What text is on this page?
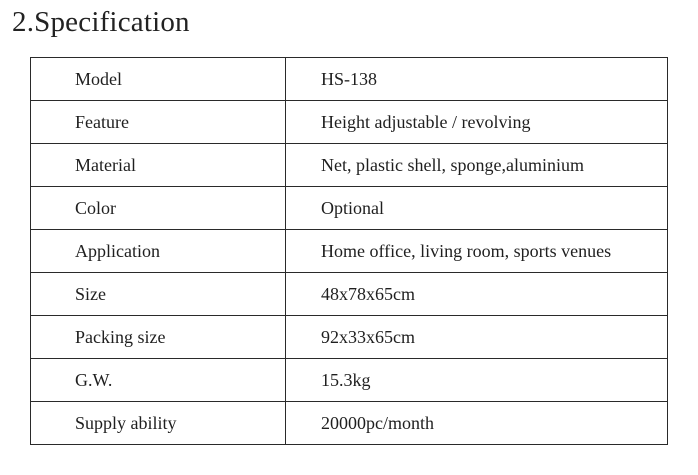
2.Specification
Model	HS-138
Feature	Height adjustable / revolving
Material	Net, plastic shell, sponge,aluminium
Color	Optional
Application	Home office, living room, sports venues
Size	48x78x65cm
Packing size	92x33x65cm
G.W.	15.3kg
Supply ability	20000pc/month
